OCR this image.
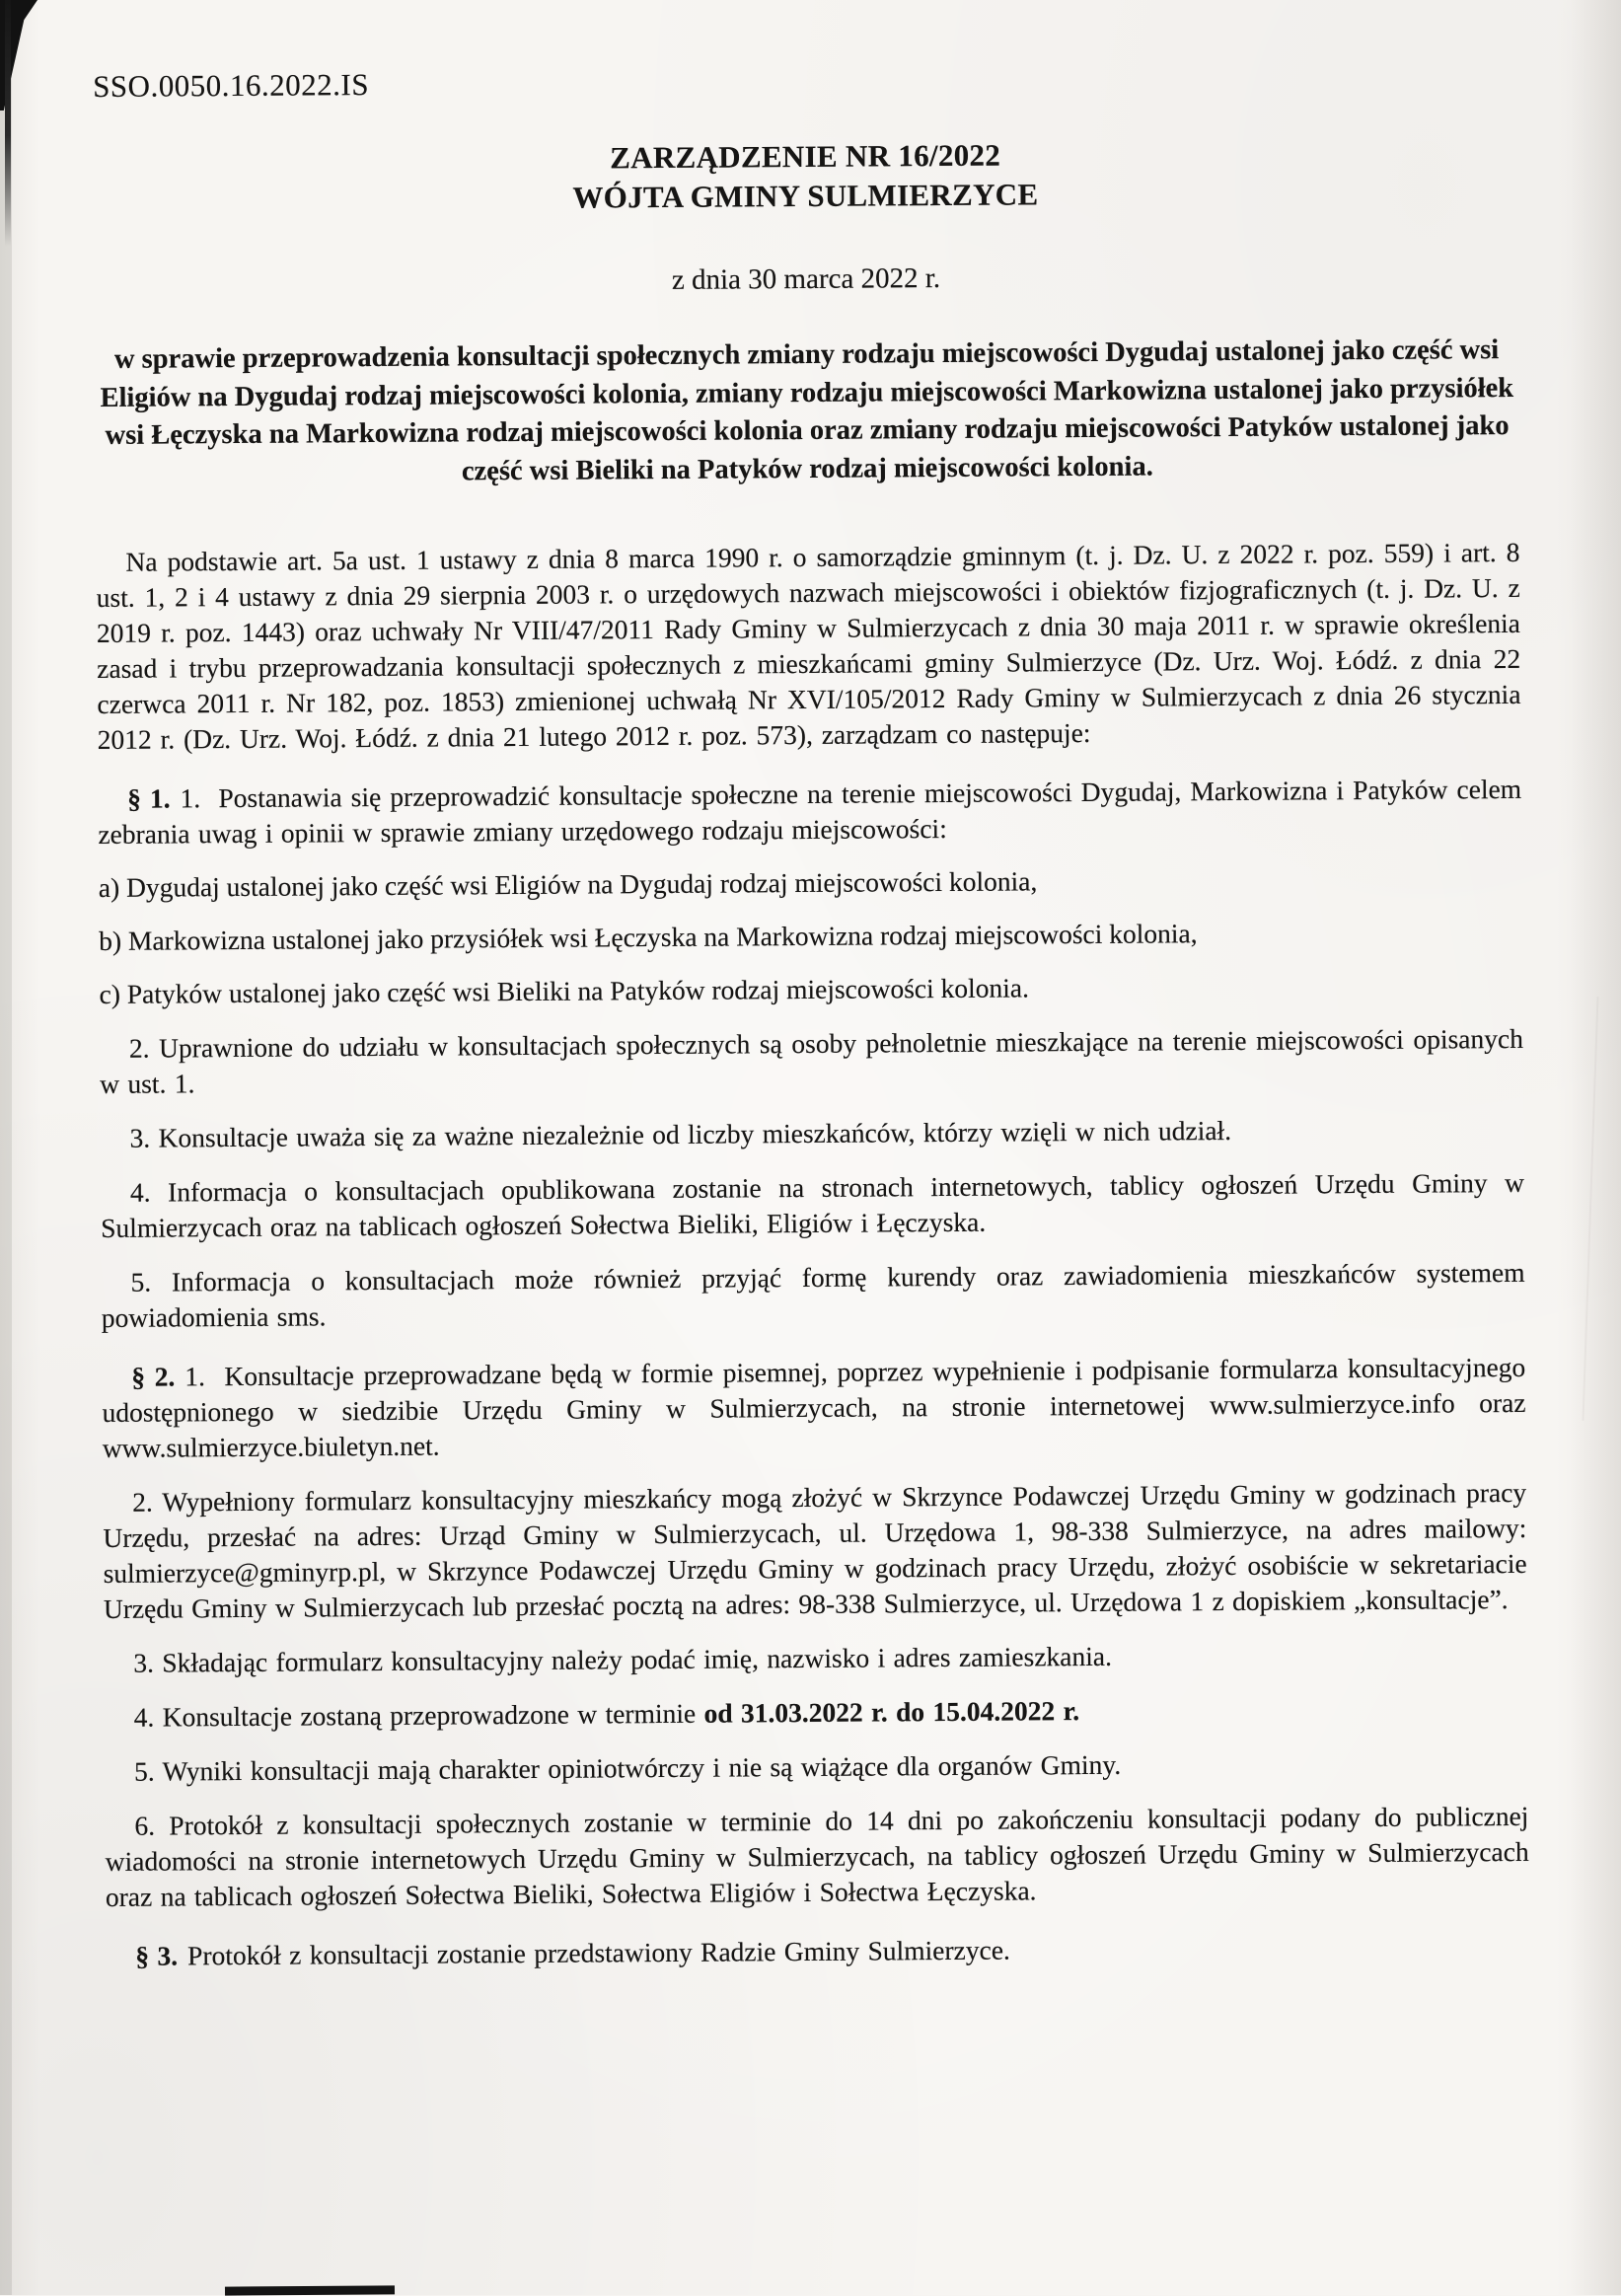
SSO.0050.16.2022.IS

ZARZĄDZENIE NR 16/2022
WÓJTA GMINY SULMIERZYCE

z dnia 30 marca 2022 r.

w sprawie przeprowadzenia konsultacji społecznych zmiany rodzaju miejscowości Dygudaj ustalonej jako część wsi Eligiów na Dygudaj rodzaj miejscowości kolonia, zmiany rodzaju miejscowości Markowizna ustalonej jako przysiółek wsi Łęczyska na Markowizna rodzaj miejscowości kolonia oraz zmiany rodzaju miejscowości Patyków ustalonej jako część wsi Bieliki na Patyków rodzaj miejscowości kolonia.

Na podstawie art. 5a ust. 1 ustawy z dnia 8 marca 1990 r. o samorządzie gminnym (t. j. Dz. U. z 2022 r. poz. 559) i art. 8 ust. 1, 2 i 4 ustawy z dnia 29 sierpnia 2003 r. o urzędowych nazwach miejscowości i obiektów fizjograficznych (t. j. Dz. U. z 2019 r. poz. 1443) oraz uchwały Nr VIII/47/2011 Rady Gminy w Sulmierzycach z dnia 30 maja 2011 r. w sprawie określenia zasad i trybu przeprowadzania konsultacji społecznych z mieszkańcami gminy Sulmierzyce (Dz. Urz. Woj. Łódź. z dnia 22 czerwca 2011 r. Nr 182, poz. 1853) zmienionej uchwałą Nr XVI/105/2012 Rady Gminy w Sulmierzycach z dnia 26 stycznia 2012 r. (Dz. Urz. Woj. Łódź. z dnia 21 lutego 2012 r. poz. 573), zarządzam co następuje:

§ 1. 1.  Postanawia się przeprowadzić konsultacje społeczne na terenie miejscowości Dygudaj, Markowizna i Patyków celem zebrania uwag i opinii w sprawie zmiany urzędowego rodzaju miejscowości:

a) Dygudaj ustalonej jako część wsi Eligiów na Dygudaj rodzaj miejscowości kolonia,

b) Markowizna ustalonej jako przysiółek wsi Łęczyska na Markowizna rodzaj miejscowości kolonia,

c) Patyków ustalonej jako część wsi Bieliki na Patyków rodzaj miejscowości kolonia.

2. Uprawnione do udziału w konsultacjach społecznych są osoby pełnoletnie mieszkające na terenie miejscowości opisanych w ust. 1.

3. Konsultacje uważa się za ważne niezależnie od liczby mieszkańców, którzy wzięli w nich udział.

4. Informacja o konsultacjach opublikowana zostanie na stronach internetowych, tablicy ogłoszeń Urzędu Gminy w Sulmierzycach oraz na tablicach ogłoszeń Sołectwa Bieliki, Eligiów i Łęczyska.

5. Informacja o konsultacjach może również przyjąć formę kurendy oraz zawiadomienia mieszkańców systemem powiadomienia sms.

§ 2. 1.  Konsultacje przeprowadzane będą w formie pisemnej, poprzez wypełnienie i podpisanie formularza konsultacyjnego udostępnionego w siedzibie Urzędu Gminy w Sulmierzycach, na stronie internetowej www.sulmierzyce.info oraz www.sulmierzyce.biuletyn.net.

2. Wypełniony formularz konsultacyjny mieszkańcy mogą złożyć w Skrzynce Podawczej Urzędu Gminy w godzinach pracy Urzędu, przesłać na adres: Urząd Gminy w Sulmierzycach, ul. Urzędowa 1, 98-338 Sulmierzyce, na adres mailowy: sulmierzyce@gminyrp.pl, w Skrzynce Podawczej Urzędu Gminy w godzinach pracy Urzędu, złożyć osobiście w sekretariacie Urzędu Gminy w Sulmierzycach lub przesłać pocztą na adres: 98-338 Sulmierzyce, ul. Urzędowa 1 z dopiskiem „konsultacje”.

3. Składając formularz konsultacyjny należy podać imię, nazwisko i adres zamieszkania.

4. Konsultacje zostaną przeprowadzone w terminie od 31.03.2022 r. do 15.04.2022 r.

5. Wyniki konsultacji mają charakter opiniotwórczy i nie są wiążące dla organów Gminy.

6. Protokół z konsultacji społecznych zostanie w terminie do 14 dni po zakończeniu konsultacji podany do publicznej wiadomości na stronie internetowych Urzędu Gminy w Sulmierzycach, na tablicy ogłoszeń Urzędu Gminy w Sulmierzycach oraz na tablicach ogłoszeń Sołectwa Bieliki, Sołectwa Eligiów i Sołectwa Łęczyska.

§ 3. Protokół z konsultacji zostanie przedstawiony Radzie Gminy Sulmierzyce.
